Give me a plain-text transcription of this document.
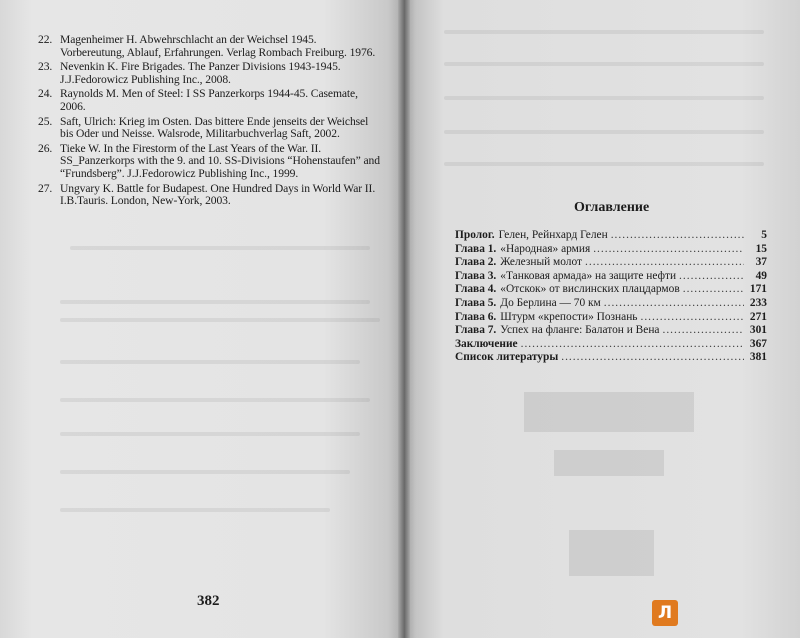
22. Magenheimer H. Abwehrschlacht an der Weichsel 1945. Vorbereutung, Ablauf, Erfahrungen. Verlag Rombach Freiburg. 1976.
23. Nevenkin K. Fire Brigades. The Panzer Divisions 1943-1945. J.J.Fedorowicz Publishing Inc., 2008.
24. Raynolds M. Men of Steel: I SS Panzerkorps 1944-45. Casemate, 2006.
25. Saft, Ulrich: Krieg im Osten. Das bittere Ende jenseits der Weichsel bis Oder und Neisse. Walsrode, Militarbuchverlag Saft, 2002.
26. Tieke W. In the Firestorm of the Last Years of the War. II. SS_Panzerkorps with the 9. and 10. SS-Divisions “Hohenstaufen” and “Frundsberg”. J.J.Fedorowicz Publishing Inc., 1999.
27. Ungvary K. Battle for Budapest. One Hundred Days in World War II. I.B.Tauris. London, New-York, 2003.
382
Оглавление
Пролог. Гелен, Рейнхард Гелен .....	5
Глава 1. «Народная» армия .....	15
Глава 2. Железный молот .....	37
Глава 3. «Танковая армада» на защите нефти .....	49
Глава 4. «Отскок» от вислинских плацдармов .....	171
Глава 5. До Берлина — 70 км .....	233
Глава 6. Штурм «крепости» Познань .....	271
Глава 7. Успех на фланге: Балатон и Вена .....	301
Заключение .....	367
Список литературы .....	381
Л
